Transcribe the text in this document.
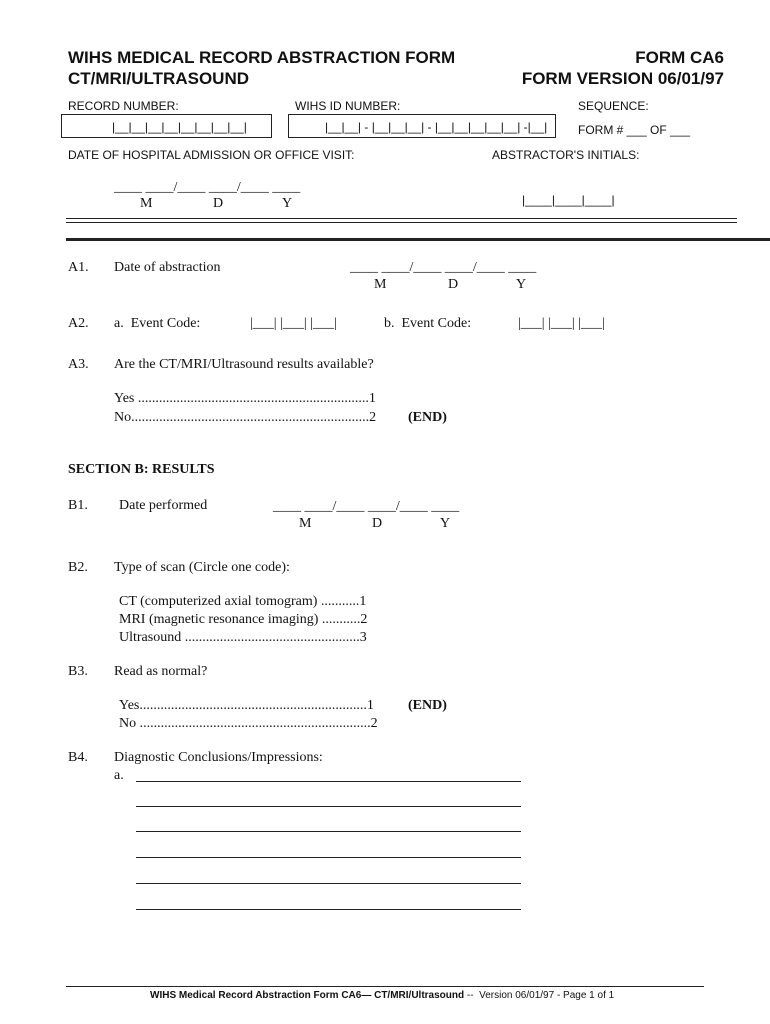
WIHS MEDICAL RECORD ABSTRACTION FORM
CT/MRI/ULTRASOUND
FORM CA6
FORM VERSION 06/01/97
RECORD NUMBER:	WIHS ID NUMBER:	SEQUENCE:
|__|__|__|__|__|__|__|__|	|__|__| - |__|__|__| - |__|__|__|__|__| -|__|	FORM # ___ OF ___
DATE OF HOSPITAL ADMISSION OR OFFICE VISIT:	ABSTRACTOR'S INITIALS:
____ ____/____ ____/____ ____
M	D	Y	|____|____|____|
A1. Date of abstraction	____ ____/____ ____/____ ____
M	D	Y
A2. a.  Event Code:	|___| |___| |___|	b.  Event Code:	|___| |___| |___|
A3. Are the CT/MRI/Ultrasound results available?
Yes ..................................................................1
No....................................................................2 (END)
SECTION B: RESULTS
B1. Date performed	____ ____/____ ____/____ ____
M	D	Y
B2. Type of scan (Circle one code):
CT (computerized axial tomogram) ...........1
MRI (magnetic resonance imaging) ...........2
Ultrasound ..................................................3
B3. Read as normal?
Yes.................................................................1 (END)
No ..................................................................2
B4. Diagnostic Conclusions/Impressions:
a.
WIHS Medical Record Abstraction Form CA6— CT/MRI/Ultrasound --  Version 06/01/97 - Page 1 of 1
